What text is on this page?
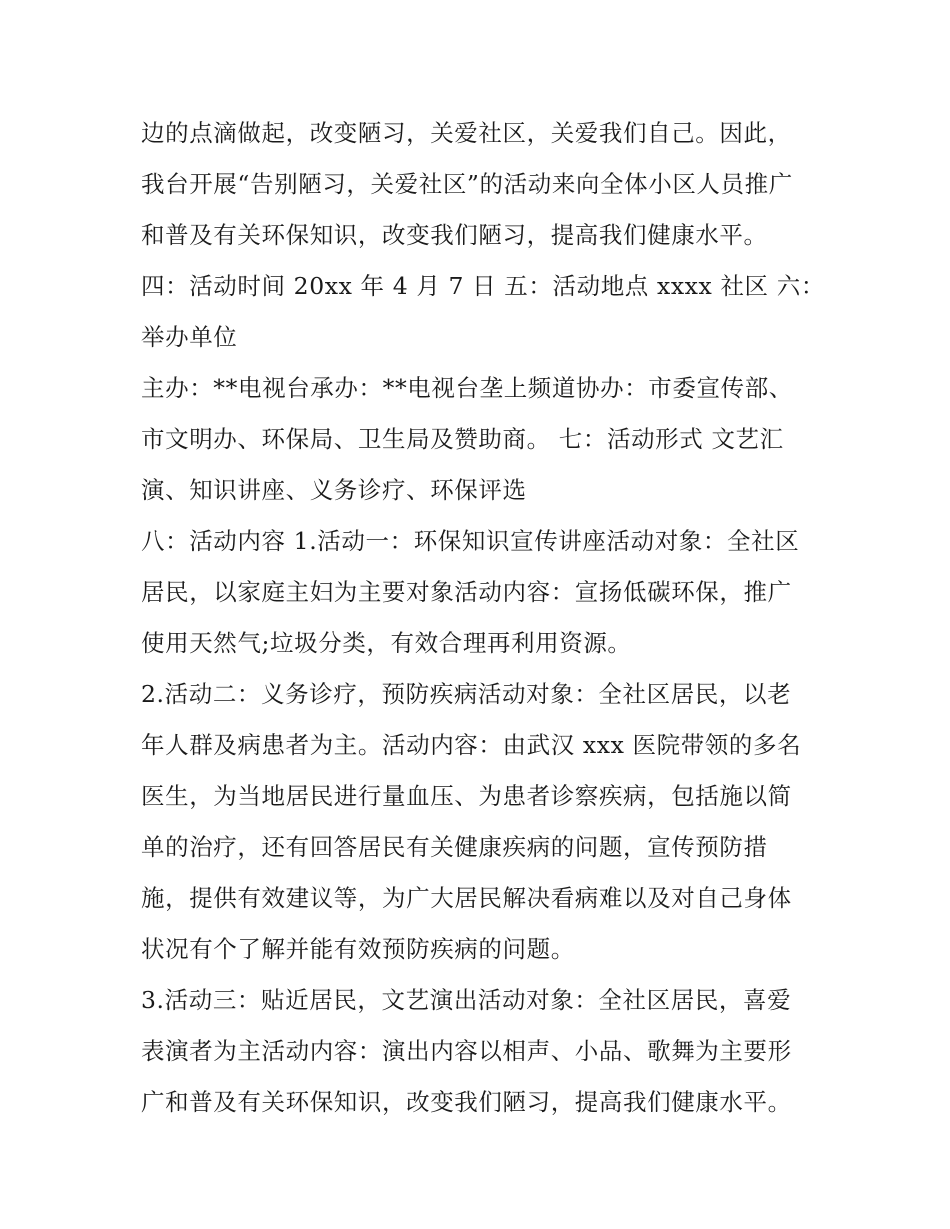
边的点滴做起，改变陋习，关爱社区，关爱我们自己。因此，
我台开展“告别陋习，关爱社区”的活动来向全体小区人员推广
和普及有关环保知识，改变我们陋习，提高我们健康水平。
四：活动时间 20xx 年 4 月 7 日 五：活动地点 xxxx 社区 六：
举办单位
主办：**电视台承办：**电视台垄上频道协办：市委宣传部、
市文明办、环保局、卫生局及赞助商。 七：活动形式 文艺汇
演、知识讲座、义务诊疗、环保评选
八：活动内容 1.活动一：环保知识宣传讲座活动对象：全社区
居民，以家庭主妇为主要对象活动内容：宣扬低碳环保，推广
使用天然气;垃圾分类，有效合理再利用资源。
2.活动二：义务诊疗，预防疾病活动对象：全社区居民，以老
年人群及病患者为主。活动内容：由武汉 xxx 医院带领的多名
医生，为当地居民进行量血压、为患者诊察疾病，包括施以简
单的治疗，还有回答居民有关健康疾病的问题，宣传预防措
施，提供有效建议等，为广大居民解决看病难以及对自己身体
状况有个了解并能有效预防疾病的问题。
3.活动三：贴近居民，文艺演出活动对象：全社区居民，喜爱
表演者为主活动内容：演出内容以相声、小品、歌舞为主要形
广和普及有关环保知识，改变我们陋习，提高我们健康水平。
